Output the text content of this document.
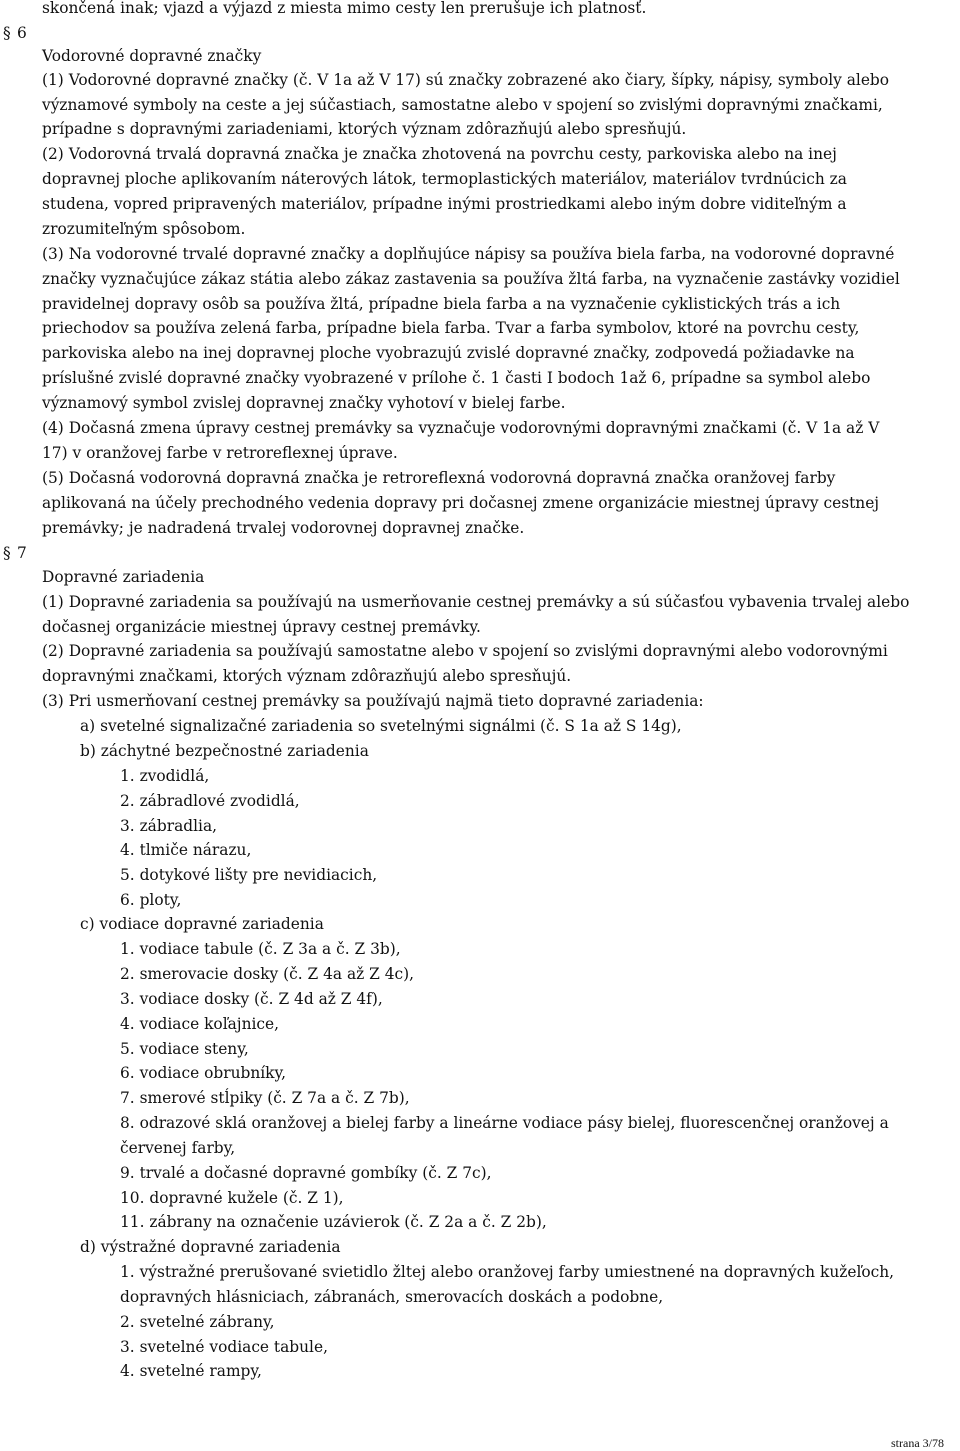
§ 6
§ 7
skončená inak; vjazd a výjazd z miesta mimo cesty len prerušuje ich platnosť.
Vodorovné dopravné značky
(1) Vodorovné dopravné značky (č. V 1a až V 17) sú značky zobrazené ako čiary, šípky, nápisy, symboly alebo
významové symboly na ceste a jej súčastiach, samostatne alebo v spojení so zvislými dopravnými značkami,
prípadne s dopravnými zariadeniami, ktorých význam zdôrazňujú alebo spresňujú.
(2) Vodorovná trvalá dopravná značka je značka zhotovená na povrchu cesty, parkoviska alebo na inej
dopravnej ploche aplikovaním náterových látok, termoplastických materiálov, materiálov tvrdnúcich za
studena, vopred pripravených materiálov, prípadne inými prostriedkami alebo iným dobre viditeľným a
zrozumiteľným spôsobom.
(3) Na vodorovné trvalé dopravné značky a doplňujúce nápisy sa používa biela farba, na vodorovné dopravné
značky vyznačujúce zákaz státia alebo zákaz zastavenia sa používa žltá farba, na vyznačenie zastávky vozidiel
pravidelnej dopravy osôb sa používa žltá, prípadne biela farba a na vyznačenie cyklistických trás a ich
priechodov sa používa zelená farba, prípadne biela farba. Tvar a farba symbolov, ktoré na povrchu cesty,
parkoviska alebo na inej dopravnej ploche vyobrazujú zvislé dopravné značky, zodpovedá požiadavke na
príslušné zvislé dopravné značky vyobrazené v prílohe č. 1 časti I bodoch 1až 6, prípadne sa symbol alebo
významový symbol zvislej dopravnej značky vyhotoví v bielej farbe.
(4) Dočasná zmena úpravy cestnej premávky sa vyznačuje vodorovnými dopravnými značkami (č. V 1a až V
17) v oranžovej farbe v retroreflexnej úprave.
(5) Dočasná vodorovná dopravná značka je retroreflexná vodorovná dopravná značka oranžovej farby
aplikovaná na účely prechodného vedenia dopravy pri dočasnej zmene organizácie miestnej úpravy cestnej
premávky; je nadradená trvalej vodorovnej dopravnej značke.
Dopravné zariadenia
(1) Dopravné zariadenia sa používajú na usmerňovanie cestnej premávky a sú súčasťou vybavenia trvalej alebo
dočasnej organizácie miestnej úpravy cestnej premávky.
(2) Dopravné zariadenia sa používajú samostatne alebo v spojení so zvislými dopravnými alebo vodorovnými
dopravnými značkami, ktorých význam zdôrazňujú alebo spresňujú.
(3) Pri usmerňovaní cestnej premávky sa používajú najmä tieto dopravné zariadenia:
a) svetelné signalizačné zariadenia so svetelnými signálmi (č. S 1a až S 14g),
b) záchytné bezpečnostné zariadenia
1. zvodidlá,
2. zábradlové zvodidlá,
3. zábradlia,
4. tlmiče nárazu,
5. dotykové lišty pre nevidiacich,
6. ploty,
c) vodiace dopravné zariadenia
1. vodiace tabule (č. Z 3a a č. Z 3b),
2. smerovacie dosky (č. Z 4a až Z 4c),
3. vodiace dosky (č. Z 4d až Z 4f),
4. vodiace koľajnice,
5. vodiace steny,
6. vodiace obrubníky,
7. smerové stĺpiky (č. Z 7a a č. Z 7b),
8. odrazové sklá oranžovej a bielej farby a lineárne vodiace pásy bielej, fluorescenčnej oranžovej a
červenej farby,
9. trvalé a dočasné dopravné gombíky (č. Z 7c),
10. dopravné kužele (č. Z 1),
11. zábrany na označenie uzávierok (č. Z 2a a č. Z 2b),
d) výstražné dopravné zariadenia
1. výstražné prerušované svietidlo žltej alebo oranžovej farby umiestnené na dopravných kužeľoch,
dopravných hlásniciach, zábranách, smerovacích doskách a podobne,
2. svetelné zábrany,
3. svetelné vodiace tabule,
4. svetelné rampy,
strana 3/78
